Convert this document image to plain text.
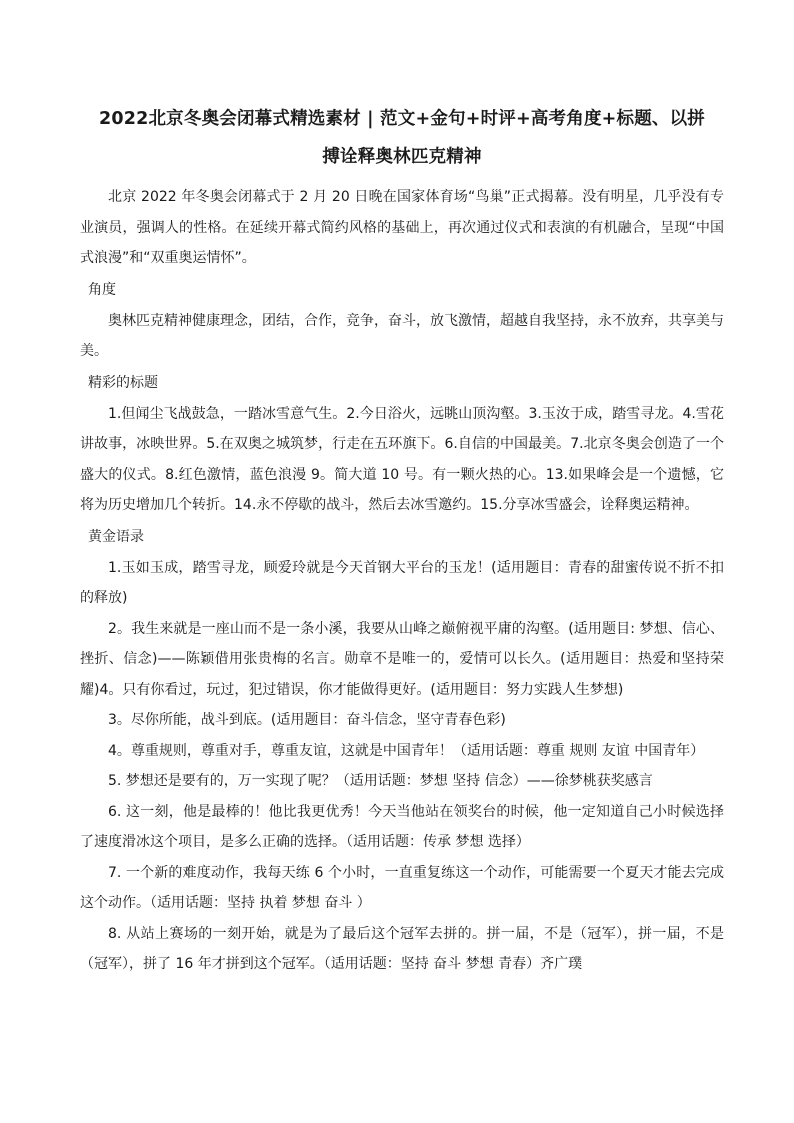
2022北京冬奥会闭幕式精选素材 | 范文+金句+时评+高考角度+标题、以拼
搏诠释奥林匹克精神

北京 2022 年冬奥会闭幕式于 2 月 20 日晚在国家体育场“鸟巢”正式揭幕。没有明星，几乎没有专业演员，强调人的性格。在延续开幕式简约风格的基础上，再次通过仪式和表演的有机融合，呈现“中国式浪漫”和“双重奥运情怀”。

角度

奥林匹克精神健康理念，团结，合作，竞争，奋斗，放飞激情，超越自我坚持，永不放弃，共享美与美。

精彩的标题

1.但闻尘飞战鼓急，一踏冰雪意气生。2.今日浴火，远眺山顶沟壑。3.玉汝于成，踏雪寻龙。4.雪花讲故事，冰映世界。5.在双奥之城筑梦，行走在五环旗下。6.自信的中国最美。7.北京冬奥会创造了一个盛大的仪式。8.红色激情，蓝色浪漫 9。简大道 10 号。有一颗火热的心。13.如果峰会是一个遗憾，它将为历史增加几个转折。14.永不停歇的战斗，然后去冰雪邀约。15.分享冰雪盛会，诠释奥运精神。

黄金语录

1.玉如玉成，踏雪寻龙，顾爱玲就是今天首钢大平台的玉龙！(适用题目：青春的甜蜜传说不折不扣的释放)

2。我生来就是一座山而不是一条小溪，我要从山峰之巅俯视平庸的沟壑。(适用题目: 梦想、信心、挫折、信念)——陈颖借用张贵梅的名言。勋章不是唯一的，爱情可以长久。(适用题目：热爱和坚持荣耀)4。只有你看过，玩过，犯过错误，你才能做得更好。(适用题目：努力实践人生梦想)

3。尽你所能，战斗到底。(适用题目：奋斗信念，坚守青春色彩)

4。尊重规则，尊重对手，尊重友谊，这就是中国青年！（适用话题：尊重 规则 友谊 中国青年）

5. 梦想还是要有的，万一实现了呢？（适用话题：梦想 坚持 信念）——徐梦桃获奖感言

6. 这一刻，他是最棒的！他比我更优秀！今天当他站在领奖台的时候，他一定知道自己小时候选择了速度滑冰这个项目，是多么正确的选择。（适用话题：传承 梦想 选择）

7. 一个新的难度动作，我每天练 6 个小时，一直重复练这一个动作，可能需要一个夏天才能去完成这个动作。（适用话题：坚持 执着 梦想 奋斗 ）

8. 从站上赛场的一刻开始，就是为了最后这个冠军去拼的。拼一届，不是（冠军），拼一届，不是（冠军），拼了 16 年才拼到这个冠军。（适用话题：坚持 奋斗 梦想 青春）齐广璞
